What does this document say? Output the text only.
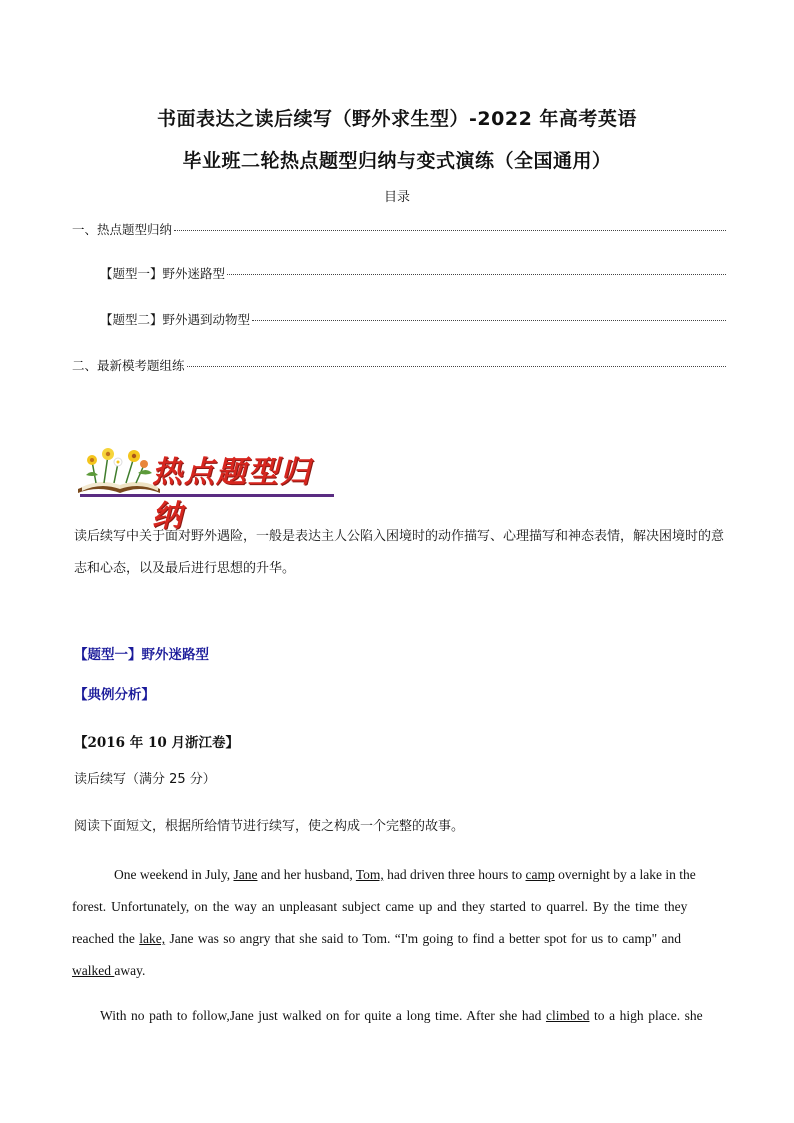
书面表达之读后续写（野外求生型）-2022 年高考英语
毕业班二轮热点题型归纳与变式演练（全国通用）
目录
一、热点题型归纳
【题型一】野外迷路型
【题型二】野外遇到动物型
二、最新模考题组练
热点题型归纳
读后续写中关于面对野外遇险，一般是表达主人公陷入困境时的动作描写、心理描写和神态表情，解决困境时的意志和心态，以及最后进行思想的升华。
【题型一】野外迷路型
【典例分析】
【2016 年 10 月浙江卷】
读后续写（满分 25 分）
阅读下面短文，根据所给情节进行续写，使之构成一个完整的故事。
One weekend in July, Jane and her husband, Tom, had driven three hours to camp overnight by a lake in the
forest. Unfortunately, on the way an unpleasant subject came up and they started to quarrel. By the time they
reached the lake, Jane was so angry that she said to Tom. “I'm going to find a better spot for us to camp" and
walked away.
With no path to follow,Jane just walked on for quite a long time. After she had climbed to a high place. she
